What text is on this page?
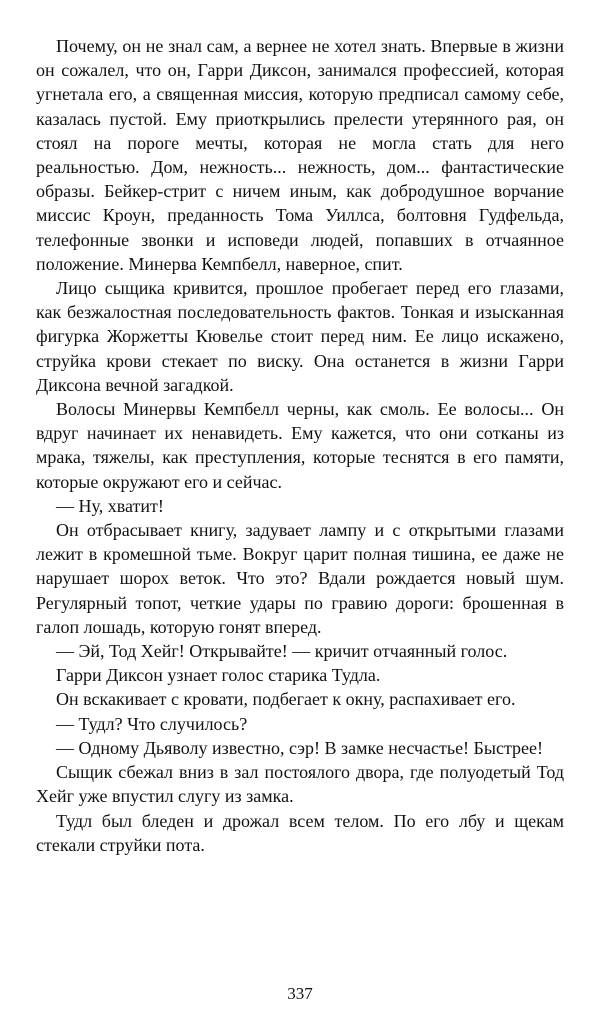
Почему, он не знал сам, а вернее не хотел знать. Впервые в жизни он сожалел, что он, Гарри Диксон, занимался профессией, которая угнетала его, а священная миссия, которую предписал самому себе, казалась пустой. Ему приоткрылись прелести утерянного рая, он стоял на пороге мечты, которая не могла стать для него реальностью. Дом, нежность... нежность, дом... фантастические образы. Бейкер-стрит с ничем иным, как добродушное ворчание миссис Кроун, преданность Тома Уиллса, болтовня Гудфельда, телефонные звонки и исповеди людей, попавших в отчаянное положение. Минерва Кемпбелл, наверное, спит.

Лицо сыщика кривится, прошлое пробегает перед его глазами, как безжалостная последовательность фактов. Тонкая и изысканная фигурка Жоржетты Кювелье стоит перед ним. Ее лицо искажено, струйка крови стекает по виску. Она останется в жизни Гарри Диксона вечной загадкой.

Волосы Минервы Кемпбелл черны, как смоль. Ее волосы... Он вдруг начинает их ненавидеть. Ему кажется, что они сотканы из мрака, тяжелы, как преступления, которые теснятся в его памяти, которые окружают его и сейчас.

— Ну, хватит!

Он отбрасывает книгу, задувает лампу и с открытыми глазами лежит в кромешной тьме. Вокруг царит полная тишина, ее даже не нарушает шорох веток. Что это? Вдали рождается новый шум. Регулярный топот, четкие удары по гравию дороги: брошенная в галоп лошадь, которую гонят вперед.

— Эй, Тод Хейг! Открывайте! — кричит отчаянный голос.

Гарри Диксон узнает голос старика Тудла.

Он вскакивает с кровати, подбегает к окну, распахивает его.

— Тудл? Что случилось?

— Одному Дьяволу известно, сэр! В замке несчастье! Быстрее!

Сыщик сбежал вниз в зал постоялого двора, где полуодетый Тод Хейг уже впустил слугу из замка.

Тудл был бледен и дрожал всем телом. По его лбу и щекам стекали струйки пота.

337
